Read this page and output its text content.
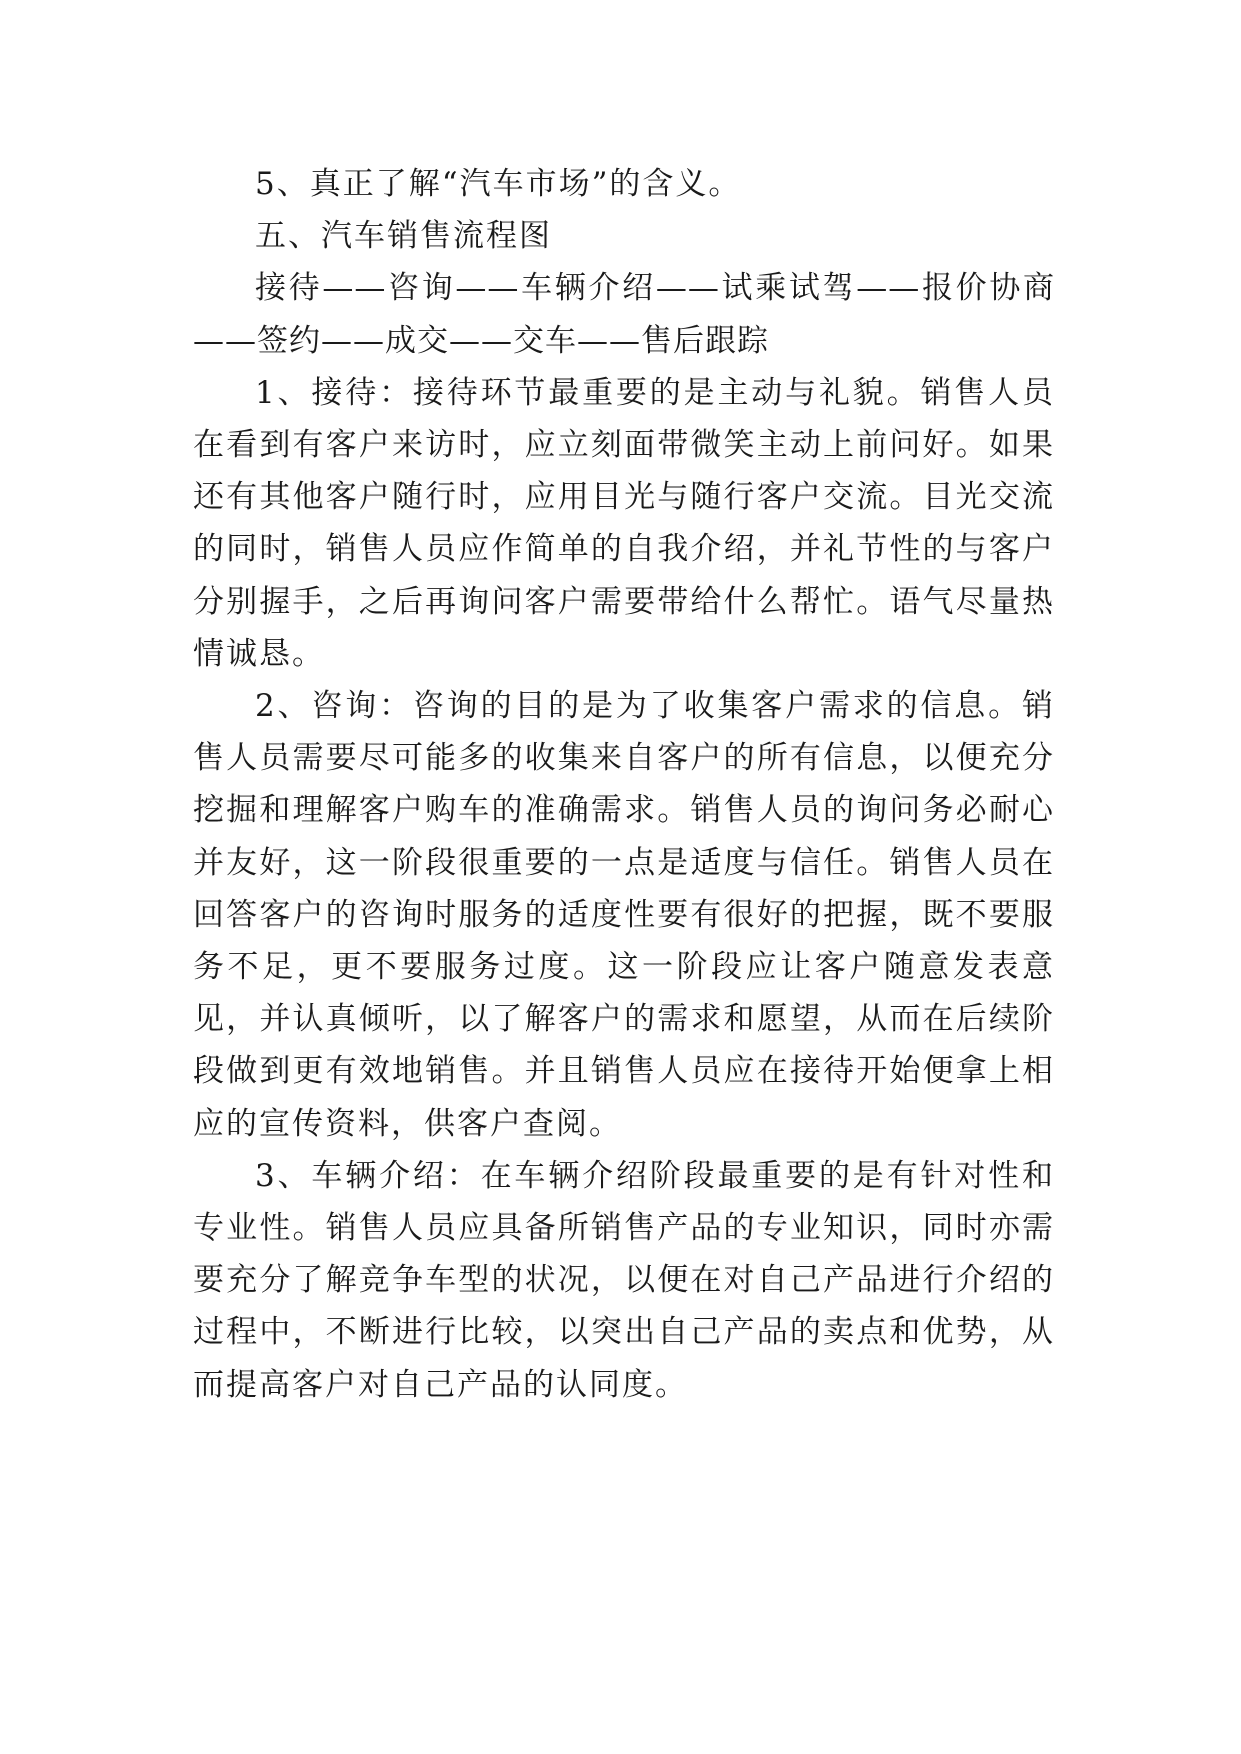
5、真正了解“汽车市场”的含义。

五、汽车销售流程图

接待——咨询——车辆介绍——试乘试驾——报价协商——签约——成交——交车——售后跟踪

1、接待：接待环节最重要的是主动与礼貌。销售人员在看到有客户来访时，应立刻面带微笑主动上前问好。如果还有其他客户随行时，应用目光与随行客户交流。目光交流的同时，销售人员应作简单的自我介绍，并礼节性的与客户分别握手，之后再询问客户需要带给什么帮忙。语气尽量热情诚恳。

2、咨询：咨询的目的是为了收集客户需求的信息。销售人员需要尽可能多的收集来自客户的所有信息，以便充分挖掘和理解客户购车的准确需求。销售人员的询问务必耐心并友好，这一阶段很重要的一点是适度与信任。销售人员在回答客户的咨询时服务的适度性要有很好的把握，既不要服务不足，更不要服务过度。这一阶段应让客户随意发表意见，并认真倾听，以了解客户的需求和愿望，从而在后续阶段做到更有效地销售。并且销售人员应在接待开始便拿上相应的宣传资料，供客户查阅。

3、车辆介绍：在车辆介绍阶段最重要的是有针对性和专业性。销售人员应具备所销售产品的专业知识，同时亦需要充分了解竞争车型的状况，以便在对自己产品进行介绍的过程中，不断进行比较，以突出自己产品的卖点和优势，从而提高客户对自己产品的认同度。
